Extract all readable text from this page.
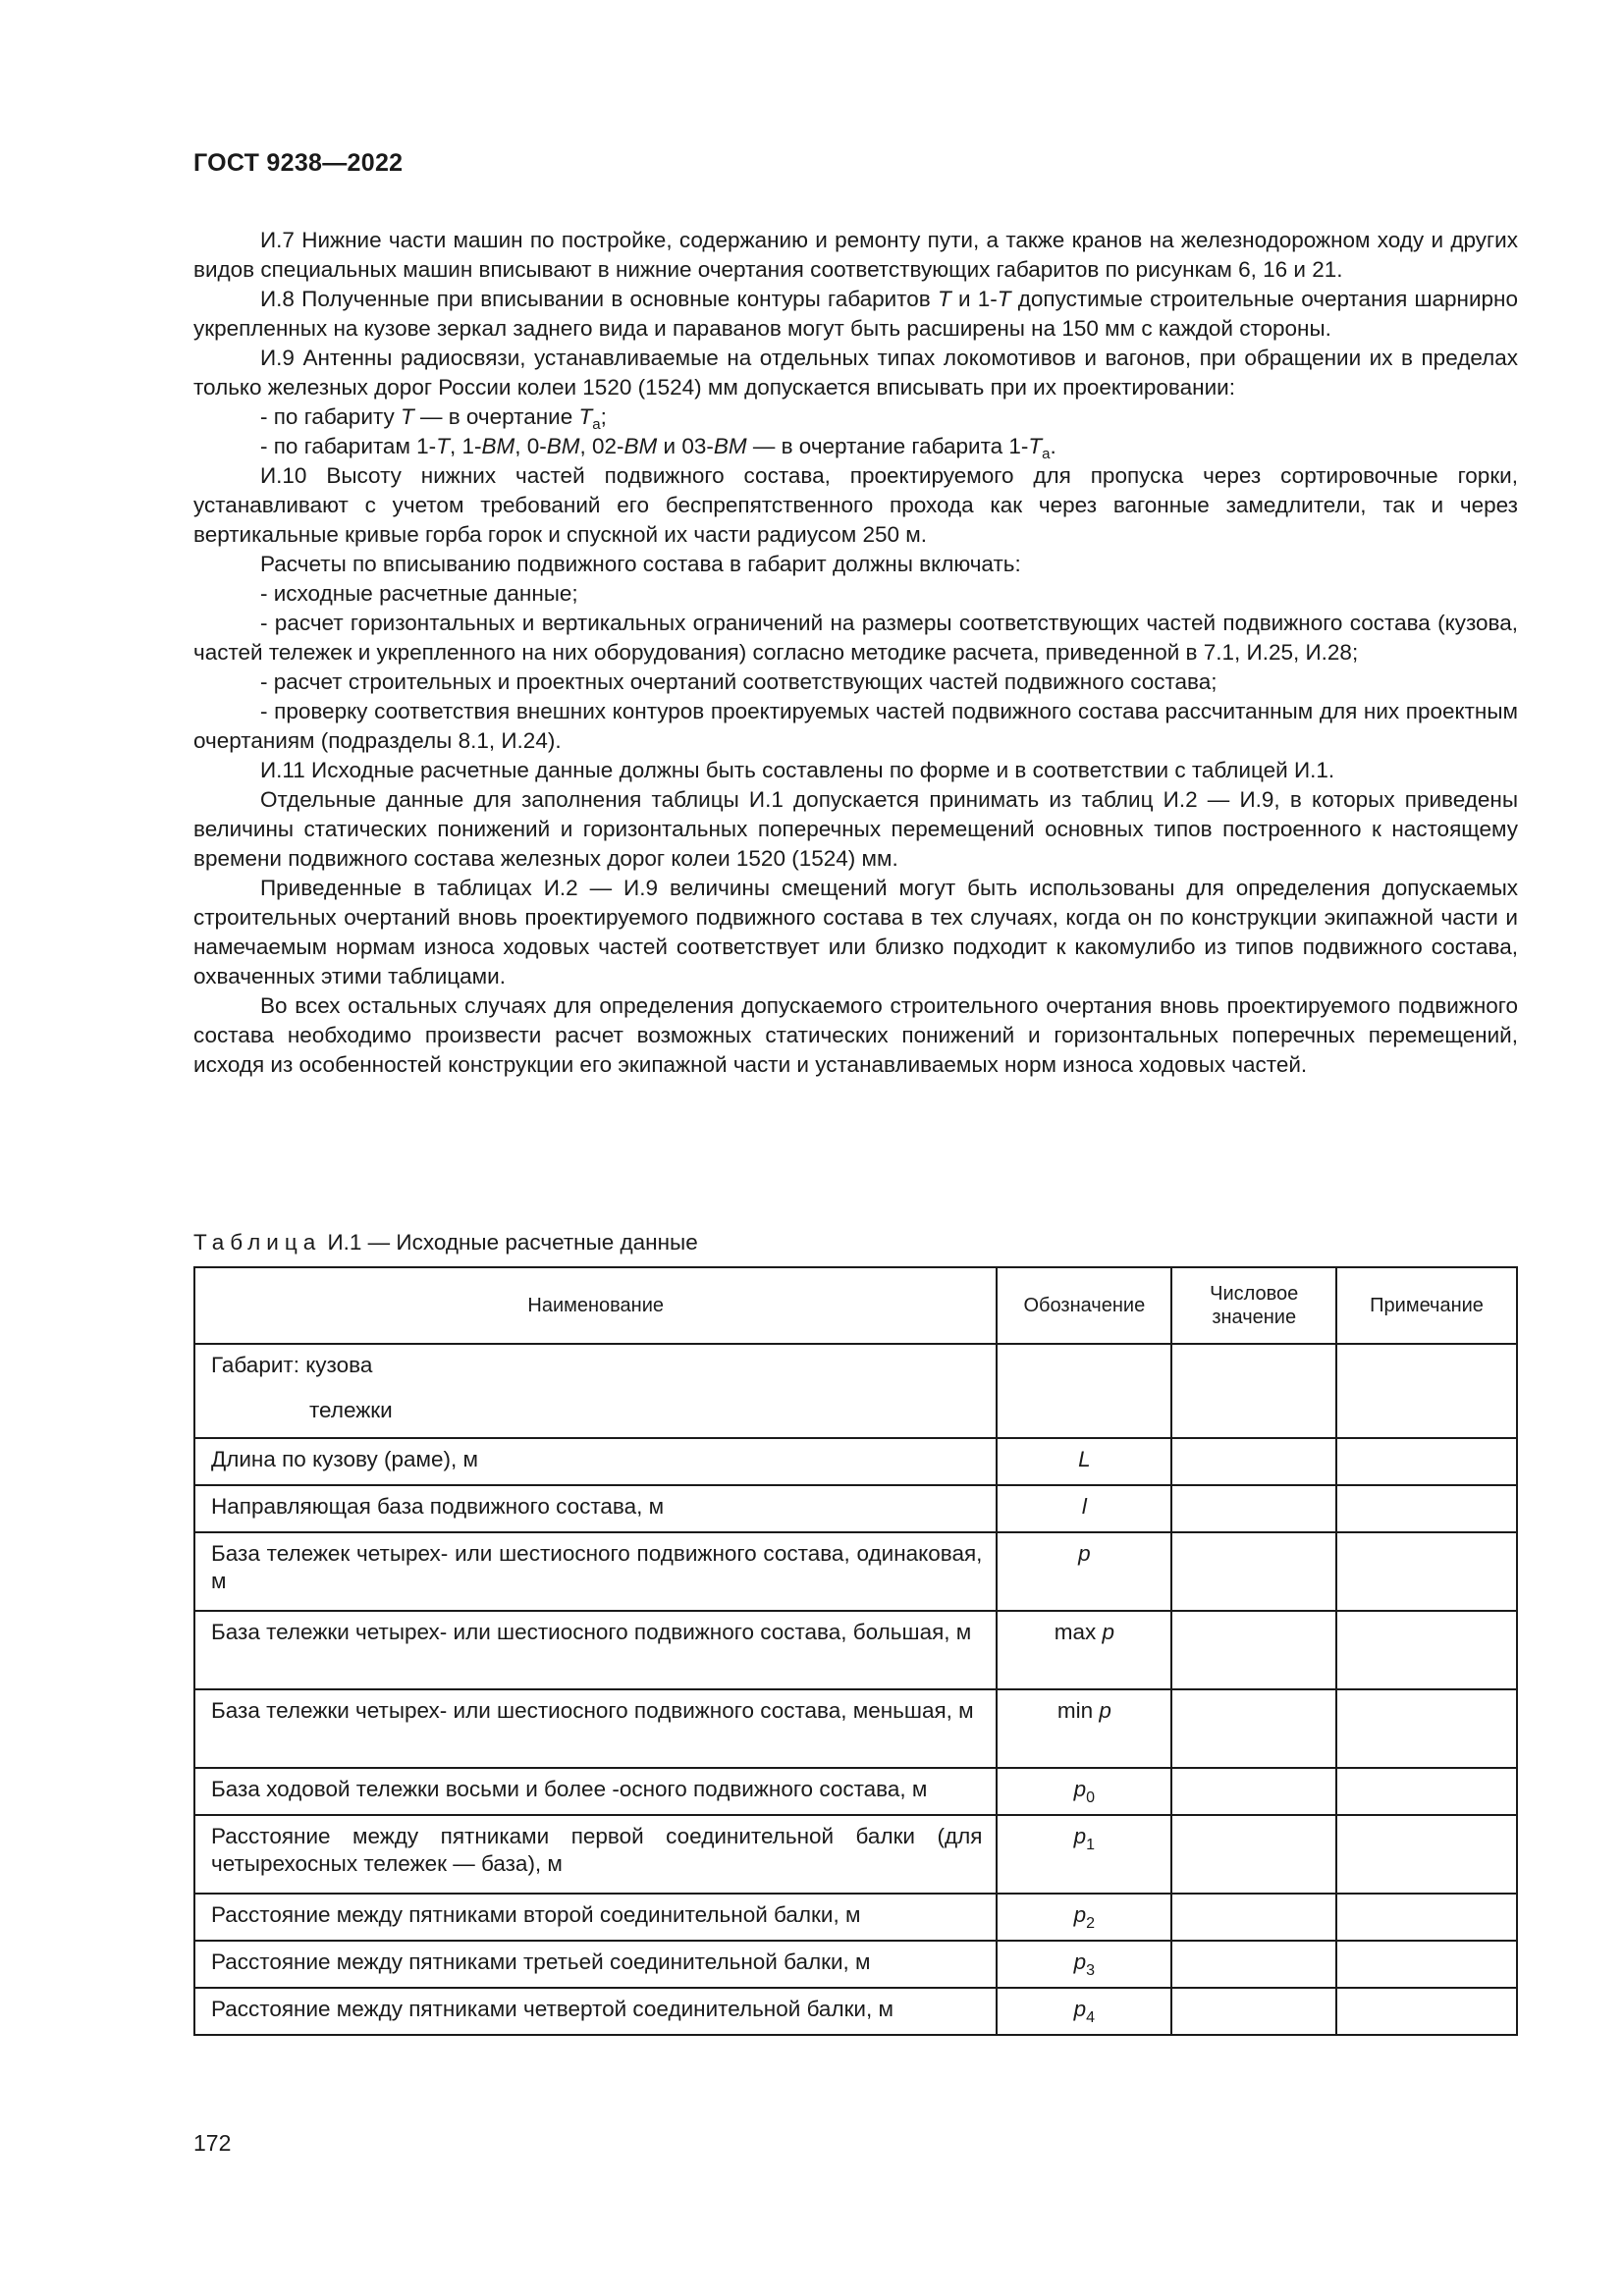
ГОСТ 9238—2022

И.7 Нижние части машин по постройке, содержанию и ремонту пути, а также кранов на железнодорожном ходу и других видов специальных машин вписывают в нижние очертания соответствующих габаритов по рисункам 6, 16 и 21.

И.8 Полученные при вписывании в основные контуры габаритов T и 1-T допустимые строительные очертания шарнирно укрепленных на кузове зеркал заднего вида и параванов могут быть расширены на 150 мм с каждой стороны.

И.9 Антенны радиосвязи, устанавливаемые на отдельных типах локомотивов и вагонов, при обращении их в пределах только железных дорог России колеи 1520 (1524) мм допускается вписывать при их проектировании:

- по габариту T — в очертание $T_а$;

- по габаритам 1-T, 1-ВМ, 0-ВМ, 02-ВМ и 03-ВМ — в очертание габарита $1-T_а$.

И.10 Высоту нижних частей подвижного состава, проектируемого для пропуска через сортировочные горки, устанавливают с учетом требований его беспрепятственного прохода как через вагонные замедлители, так и через вертикальные кривые горба горок и спускной их части радиусом 250 м.

Расчеты по вписыванию подвижного состава в габарит должны включать:

- исходные расчетные данные;

- расчет горизонтальных и вертикальных ограничений на размеры соответствующих частей подвижного состава (кузова, частей тележек и укрепленного на них оборудования) согласно методике расчета, приведенной в 7.1, И.25, И.28;

- расчет строительных и проектных очертаний соответствующих частей подвижного состава;

- проверку соответствия внешних контуров проектируемых частей подвижного состава рассчитанным для них проектным очертаниям (подразделы 8.1, И.24).

И.11 Исходные расчетные данные должны быть составлены по форме и в соответствии с таблицей И.1.

Отдельные данные для заполнения таблицы И.1 допускается принимать из таблиц И.2 — И.9, в которых приведены величины статических понижений и горизонтальных поперечных перемещений основных типов построенного к настоящему времени подвижного состава железных дорог колеи 1520 (1524) мм.

Приведенные в таблицах И.2 — И.9 величины смещений могут быть использованы для определения допускаемых строительных очертаний вновь проектируемого подвижного состава в тех случаях, когда он по конструкции экипажной части и намечаемым нормам износа ходовых частей соответствует или близко подходит к какомулибо из типов подвижного состава, охваченных этими таблицами.

Во всех остальных случаях для определения допускаемого строительного очертания вновь проектируемого подвижного состава необходимо произвести расчет возможных статических понижений и горизонтальных поперечных перемещений, исходя из особенностей конструкции его экипажной части и устанавливаемых норм износа ходовых частей.

Таблица И.1 — Исходные расчетные данные
Наименование	Обозначение	Числовое значение	Примечание

Габарит: кузова
тележки			

Длина по кузову (раме), м	L		
Направляющая база подвижного состава, м	l		
База тележек четырех- или шестиосного подвижного состава, одинаковая, м	p		
База тележки четырех- или шестиосного подвижного состава, большая, м	max p		
База тележки четырех- или шестиосного подвижного состава, меньшая, м	min p		
База ходовой тележки восьми и более -осного подвижного состава, м	$p_0$		
Расстояние между пятниками первой соединительной балки (для четырехосных тележек — база), м	$p_1$		
Расстояние между пятниками второй соединительной балки, м	$p_2$		
Расстояние между пятниками третьей соединительной балки, м	$p_3$		
Расстояние между пятниками четвертой соединительной балки, м	$p_4$		
172
